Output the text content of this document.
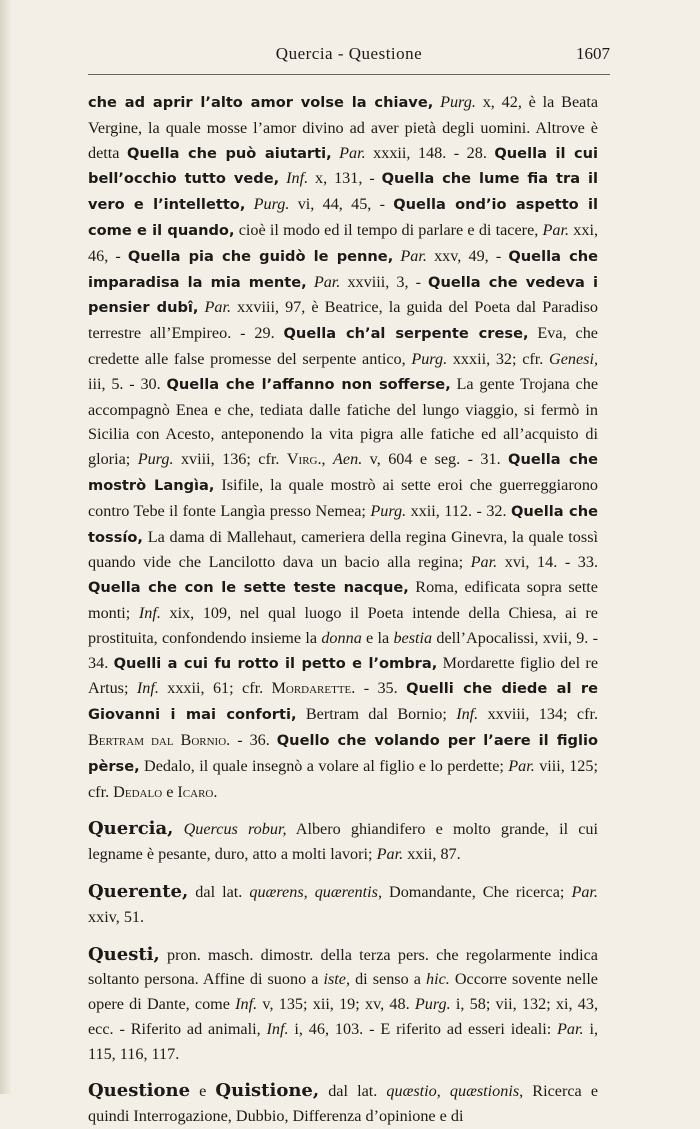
Quercia - Questione	1607

che ad aprir l’alto amor volse la chiave, Purg. x, 42, è la Beata Vergine, la quale mosse l’amor divino ad aver pietà degli uomini. Altrove è detta Quella che può aiutarti, Par. xxxii, 148. - 28. Quella il cui bell’occhio tutto vede, Inf. x, 131, - Quella che lume fia tra il vero e l’intelletto, Purg. vi, 44, 45, - Quella ond’io aspetto il come e il quando, cioè il modo ed il tempo di parlare e di tacere, Par. xxi, 46, - Quella pia che guidò le penne, Par. xxv, 49, - Quella che imparadisa la mia mente, Par. xxviii, 3, - Quella che vedeva i pensier dubî, Par. xxviii, 97, è Beatrice, la guida del Poeta dal Paradiso terrestre all’Empireo. - 29. Quella ch’al serpente crese, Eva, che credette alle false promesse del serpente antico, Purg. xxxii, 32; cfr. Genesi, iii, 5. - 30. Quella che l’affanno non sofferse, La gente Trojana che accompagnò Enea e che, tediata dalle fatiche del lungo viaggio, si fermò in Sicilia con Acesto, anteponendo la vita pigra alle fatiche ed all’acquisto di gloria; Purg. xviii, 136; cfr. Virg., Aen. v, 604 e seg. - 31. Quella che mostrò Langìa, Isifile, la quale mostrò ai sette eroi che guerreggiarono contro Tebe il fonte Langìa presso Nemea; Purg. xxii, 112. - 32. Quella che tossío, La dama di Mallehaut, cameriera della regina Ginevra, la quale tossì quando vide che Lancilotto dava un bacio alla regina; Par. xvi, 14. - 33. Quella che con le sette teste nacque, Roma, edificata sopra sette monti; Inf. xix, 109, nel qual luogo il Poeta intende della Chiesa, ai re prostituita, confondendo insieme la donna e la bestia dell’Apocalissi, xvii, 9. - 34. Quelli a cui fu rotto il petto e l’ombra, Mordarette figlio del re Artus; Inf. xxxii, 61; cfr. Mordarette. - 35. Quelli che diede al re Giovanni i mai conforti, Bertram dal Bornio; Inf. xxviii, 134; cfr. Bertram dal Bornio. - 36. Quello che volando per l’aere il figlio pèrse, Dedalo, il quale insegnò a volare al figlio e lo perdette; Par. viii, 125; cfr. Dedalo e Icaro.

Quercia, Quercus robur, Albero ghiandifero e molto grande, il cui legname è pesante, duro, atto a molti lavori; Par. xxii, 87.

Querente, dal lat. quærens, quærentis, Domandante, Che ricerca; Par. xxiv, 51.

Questi, pron. masch. dimostr. della terza pers. che regolarmente indica soltanto persona. Affine di suono a iste, di senso a hic. Occorre sovente nelle opere di Dante, come Inf. v, 135; xii, 19; xv, 48. Purg. i, 58; vii, 132; xi, 43, ecc. - Riferito ad animali, Inf. i, 46, 103. - E riferito ad esseri ideali: Par. i, 115, 116, 117.

Questione e Quistione, dal lat. quæstio, quæstionis, Ricerca e quindi Interrogazione, Dubbio, Differenza d’opinione e di
